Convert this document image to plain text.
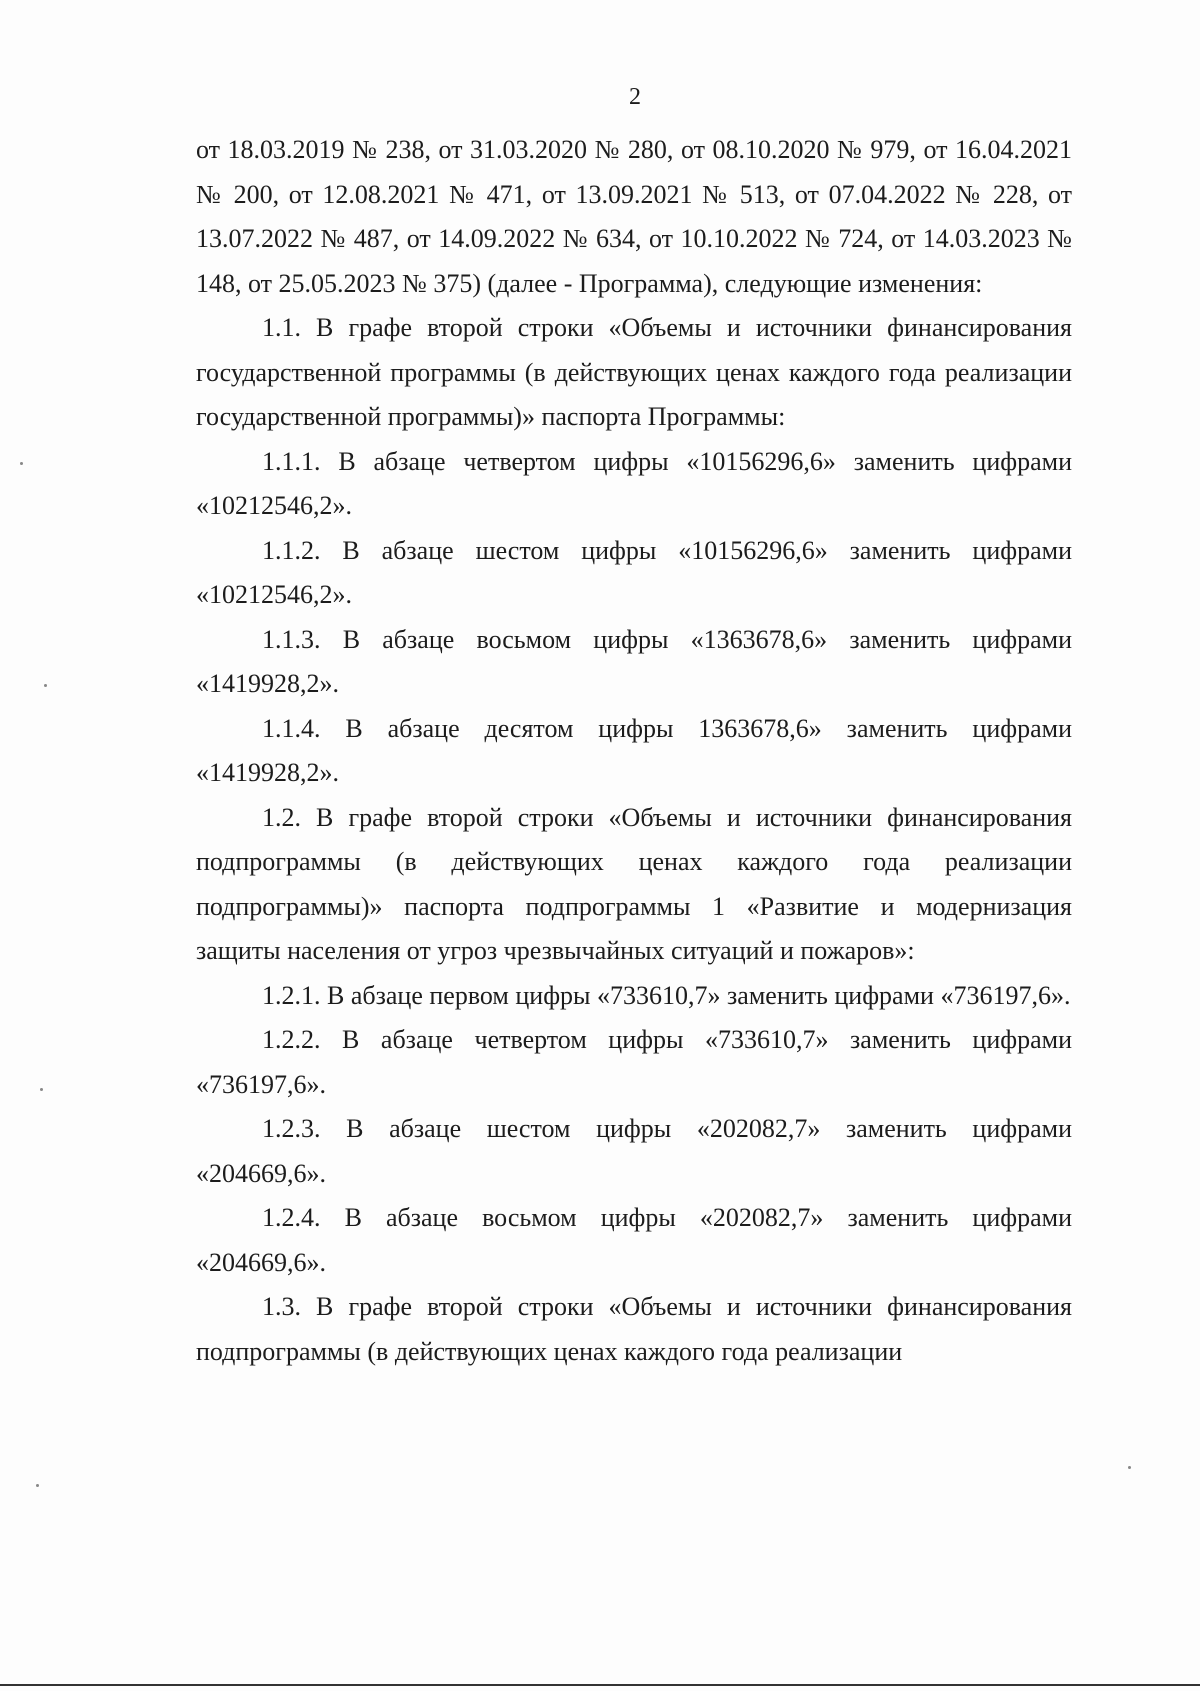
2

от 18.03.2019 № 238, от 31.03.2020 № 280, от 08.10.2020 № 979, от 16.04.2021 № 200, от 12.08.2021 № 471, от 13.09.2021 № 513, от 07.04.2022 № 228, от 13.07.2022 № 487, от 14.09.2022 № 634, от 10.10.2022 № 724, от 14.03.2023 № 148, от 25.05.2023 № 375) (далее - Программа), следующие изменения:

1.1. В графе второй строки «Объемы и источники финансирования государственной программы (в действующих ценах каждого года реализации государственной программы)» паспорта Программы:

1.1.1. В абзаце четвертом цифры «10156296,6» заменить цифрами «10212546,2».

1.1.2. В абзаце шестом цифры «10156296,6» заменить цифрами «10212546,2».

1.1.3. В абзаце восьмом цифры «1363678,6» заменить цифрами «1419928,2».

1.1.4. В абзаце десятом цифры 1363678,6» заменить цифрами «1419928,2».

1.2. В графе второй строки «Объемы и источники финансирования подпрограммы (в действующих ценах каждого года реализации подпрограммы)» паспорта подпрограммы 1 «Развитие и модернизация защиты населения от угроз чрезвычайных ситуаций и пожаров»:

1.2.1. В абзаце первом цифры «733610,7» заменить цифрами «736197,6».

1.2.2. В абзаце четвертом цифры «733610,7» заменить цифрами «736197,6».

1.2.3. В абзаце шестом цифры «202082,7» заменить цифрами «204669,6».

1.2.4. В абзаце восьмом цифры «202082,7» заменить цифрами «204669,6».

1.3. В графе второй строки «Объемы и источники финансирования подпрограммы (в действующих ценах каждого года реализации
